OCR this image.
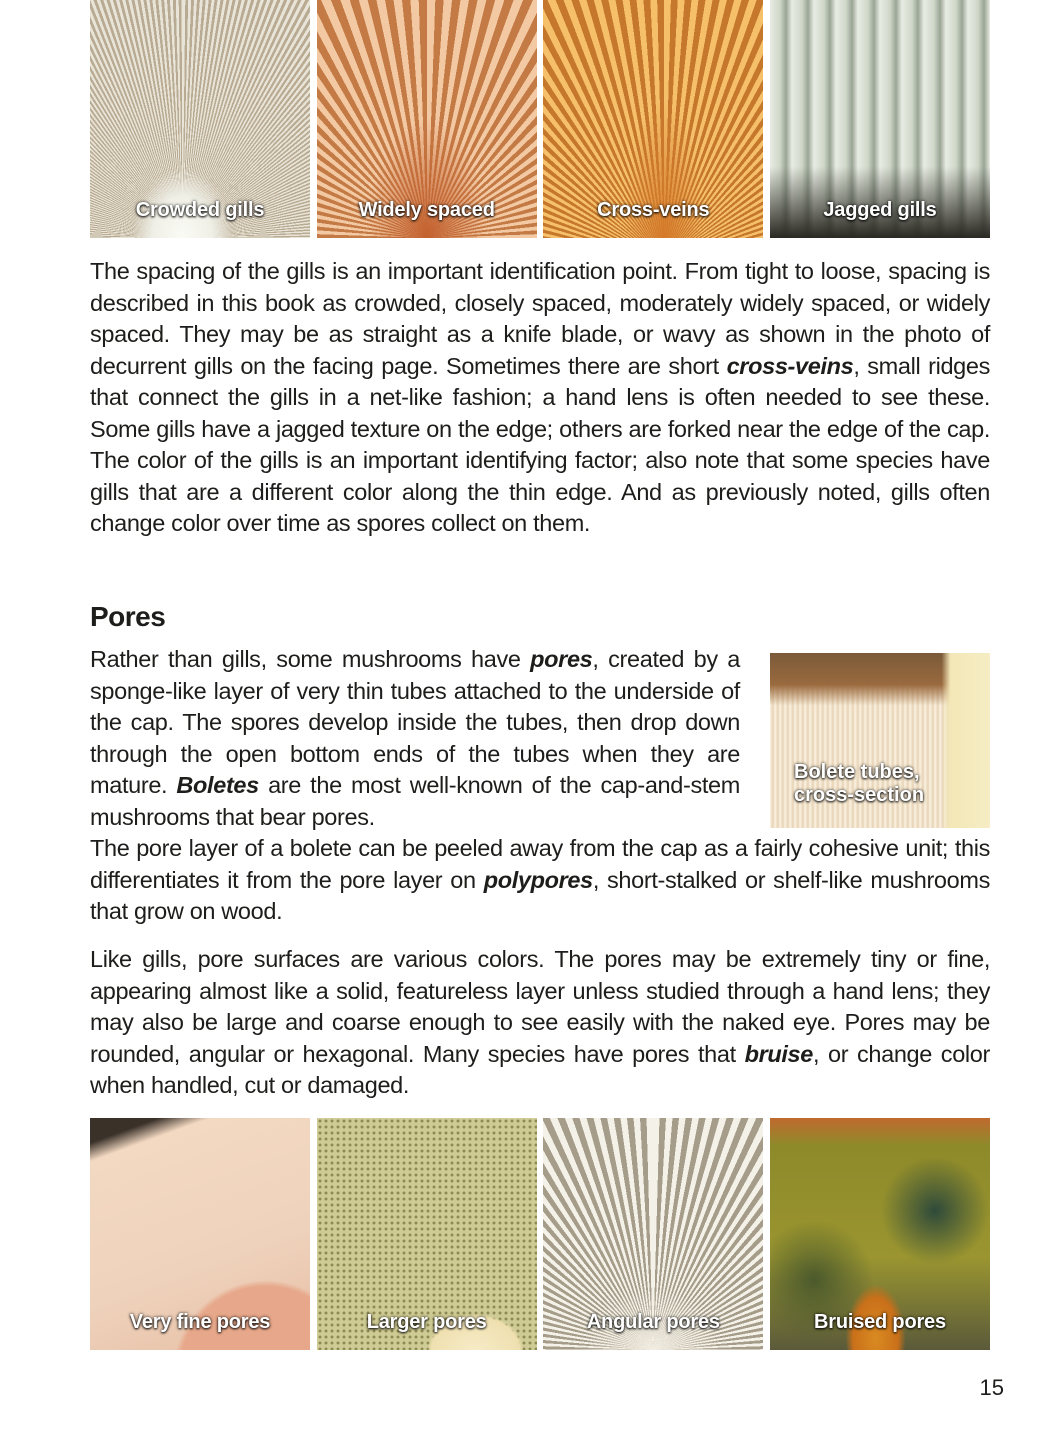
Crowded gills	Widely spaced	Cross-veins	Jagged gills

The spacing of the gills is an important identification point. From tight to loose, spacing is described in this book as crowded, closely spaced, moderately widely spaced, or widely spaced. They may be as straight as a knife blade, or wavy as shown in the photo of decurrent gills on the facing page. Sometimes there are short cross-veins, small ridges that connect the gills in a net-like fashion; a hand lens is often needed to see these. Some gills have a jagged texture on the edge; others are forked near the edge of the cap. The color of the gills is an important identifying factor; also note that some species have gills that are a different color along the thin edge. And as previously noted, gills often change color over time as spores collect on them.

Pores

Rather than gills, some mushrooms have pores, created by a sponge-like layer of very thin tubes attached to the underside of the cap. The spores develop inside the tubes, then drop down through the open bottom ends of the tubes when they are mature. Boletes are the most well-known of the cap-and-stem mushrooms that bear pores.

Bolete tubes,
cross-section

The pore layer of a bolete can be peeled away from the cap as a fairly cohesive unit; this differentiates it from the pore layer on polypores, short-stalked or shelf-like mushrooms that grow on wood.

Like gills, pore surfaces are various colors. The pores may be extremely tiny or fine, appearing almost like a solid, featureless layer unless studied through a hand lens; they may also be large and coarse enough to see easily with the naked eye. Pores may be rounded, angular or hexagonal. Many species have pores that bruise, or change color when handled, cut or damaged.

Very fine pores	Larger pores	Angular pores	Bruised pores
15
